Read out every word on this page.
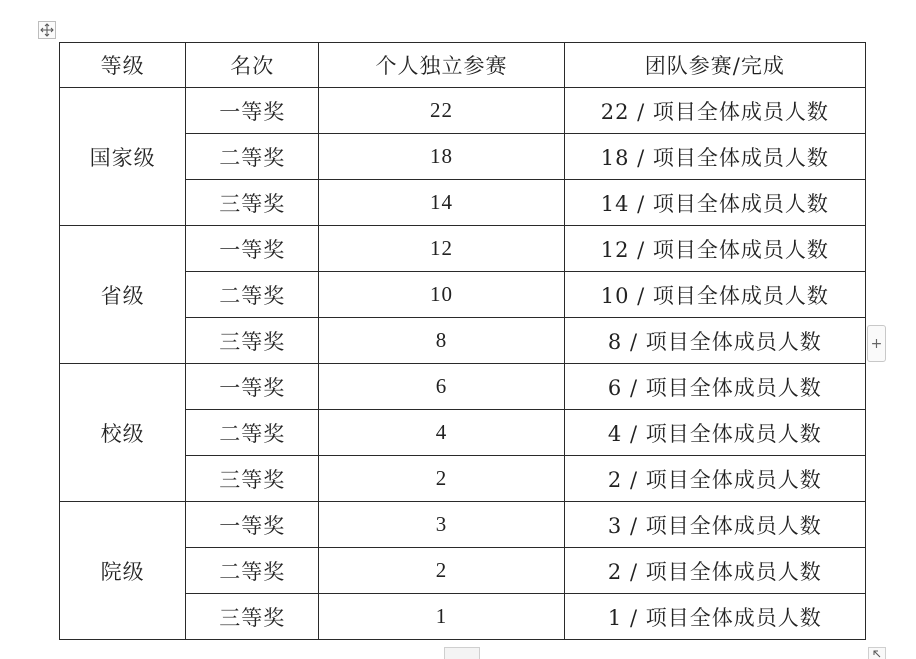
等级	名次	个人独立参赛	团队参赛/完成
国家级	一等奖	22	22 / 项目全体成员人数
	二等奖	18	18 / 项目全体成员人数
	三等奖	14	14 / 项目全体成员人数
省级	一等奖	12	12 / 项目全体成员人数
	二等奖	10	10 / 项目全体成员人数
	三等奖	8	8 / 项目全体成员人数
校级	一等奖	6	6 / 项目全体成员人数
	二等奖	4	4 / 项目全体成员人数
	三等奖	2	2 / 项目全体成员人数
院级	一等奖	3	3 / 项目全体成员人数
	二等奖	2	2 / 项目全体成员人数
	三等奖	1	1 / 项目全体成员人数
+
